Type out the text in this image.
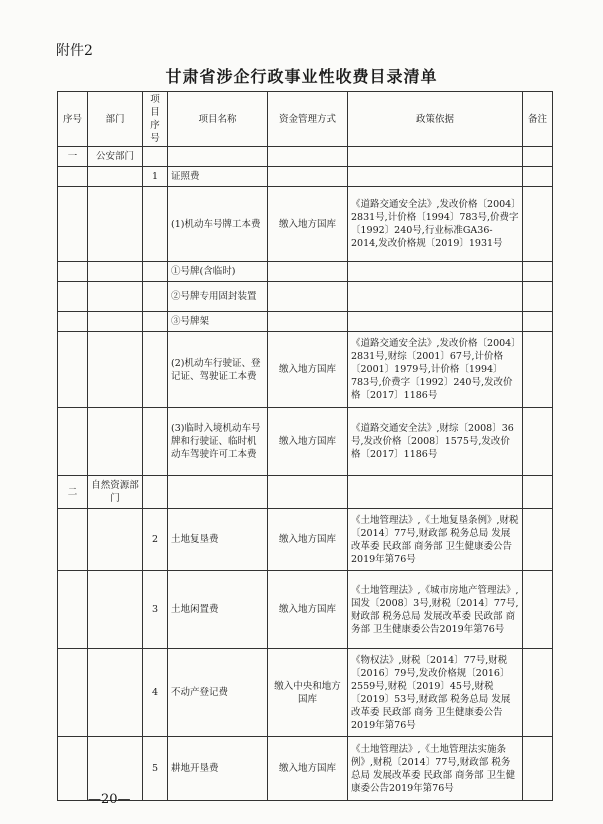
附件2
甘肃省涉企行政事业性收费目录清单
序号	部门	项目序号	项目名称	资金管理方式	政策依据	备注
一	公安部门					
		1	证照费			
			(1)机动车号牌工本费	缴入地方国库	《道路交通安全法》,发改价格〔2004〕2831号,计价格〔1994〕783号,价费字〔1992〕240号,行业标准GA36-2014,发改价格规〔2019〕1931号	
			①号牌(含临时)			
			②号牌专用固封装置			
			③号牌架			
			(2)机动车行驶证、登记证、驾驶证工本费	缴入地方国库	《道路交通安全法》,发改价格〔2004〕2831号,财综〔2001〕67号,计价格〔2001〕1979号,计价格〔1994〕783号,价费字〔1992〕240号,发改价格〔2017〕1186号	
			(3)临时入境机动车号牌和行驶证、临时机动车驾驶许可工本费	缴入地方国库	《道路交通安全法》,财综〔2008〕36号,发改价格〔2008〕1575号,发改价格〔2017〕1186号	
二	自然资源部门					
		2	土地复垦费	缴入地方国库	《土地管理法》,《土地复垦条例》,财税〔2014〕77号,财政部 税务总局 发展改革委 民政部 商务部 卫生健康委公告2019年第76号	
		3	土地闲置费	缴入地方国库	《土地管理法》,《城市房地产管理法》,国发〔2008〕3号,财税〔2014〕77号,财政部 税务总局 发展改革委 民政部 商务部 卫生健康委公告2019年第76号	
		4	不动产登记费	缴入中央和地方国库	《物权法》,财税〔2014〕77号,财税〔2016〕79号,发改价格规〔2016〕2559号,财税〔2019〕45号,财税〔2019〕53号,财政部 税务总局 发展改革委 民政部 商务 卫生健康委公告2019年第76号	
		5	耕地开垦费	缴入地方国库	《土地管理法》,《土地管理法实施条例》,财税〔2014〕77号,财政部 税务总局 发展改革委 民政部 商务部 卫生健康委公告2019年第76号	
—20—
